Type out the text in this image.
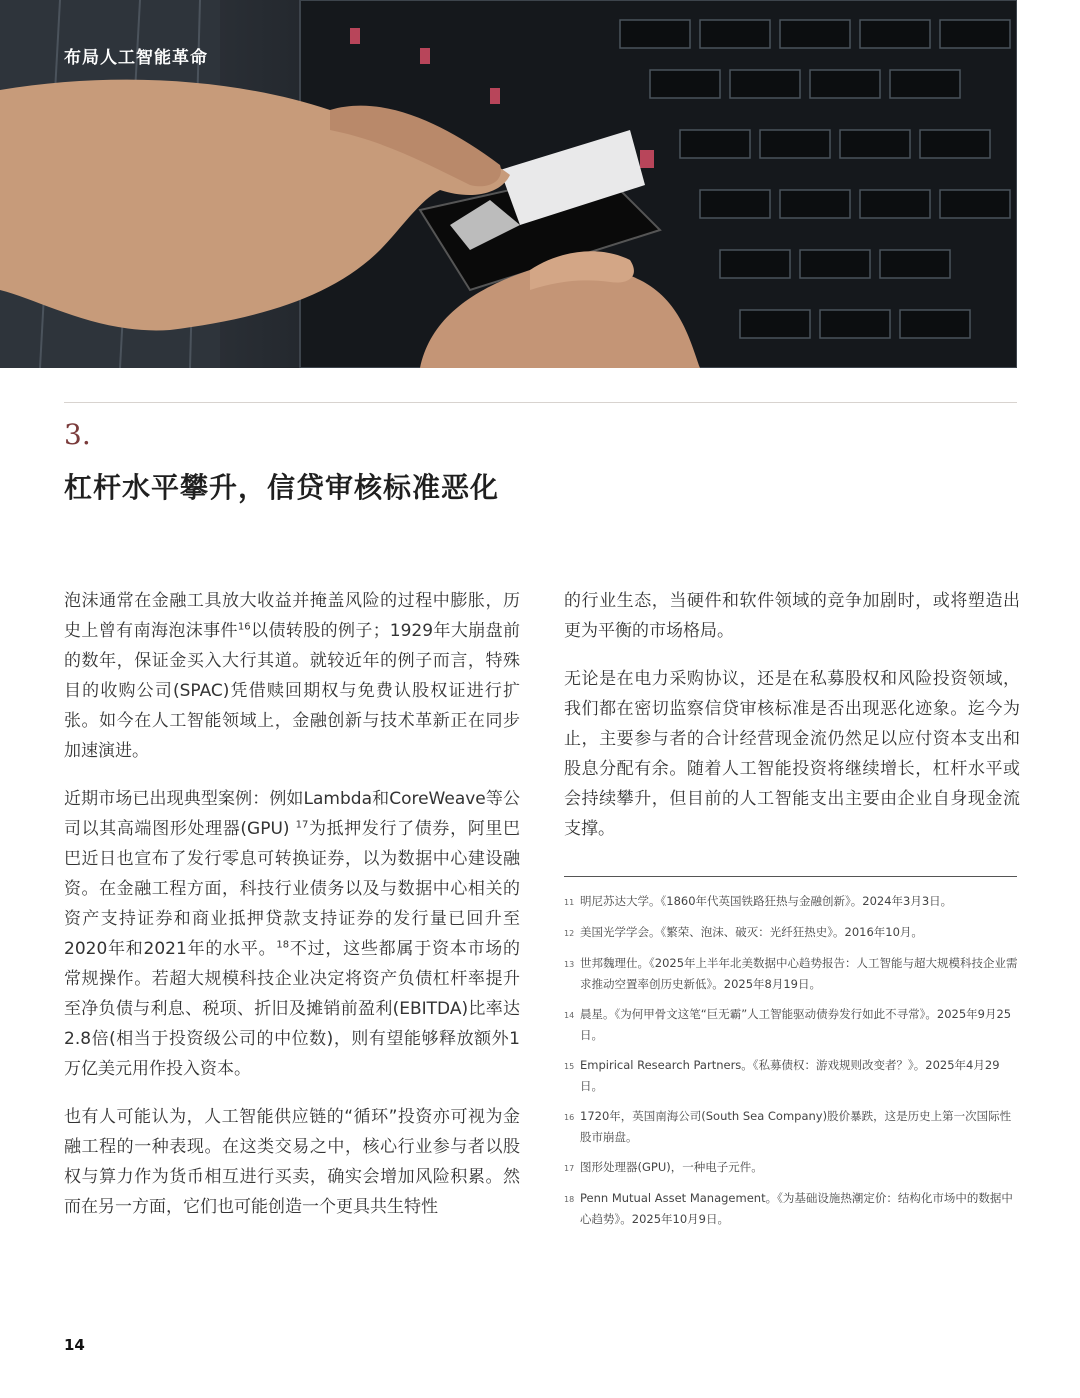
布局人工智能革命
3.
杠杆水平攀升，信贷审核标准恶化

泡沫通常在金融工具放大收益并掩盖风险的过程中膨胀，历史上曾有南海泡沫事件$^{16}$以债转股的例子；1929年大崩盘前的数年，保证金买入大行其道。就较近年的例子而言，特殊目的收购公司(SPAC)凭借赎回期权与免费认股权证进行扩张。如今在人工智能领域上，金融创新与技术革新正在同步加速演进。

近期市场已出现典型案例：例如Lambda和CoreWeave等公司以其高端图形处理器(GPU) $^{17}$为抵押发行了债券，阿里巴巴近日也宣布了发行零息可转换证券，以为数据中心建设融资。在金融工程方面，科技行业债务以及与数据中心相关的资产支持证券和商业抵押贷款支持证券的发行量已回升至2020年和2021年的水平。$^{18}$不过，这些都属于资本市场的常规操作。若超大规模科技企业决定将资产负债杠杆率提升至净负债与利息、税项、折旧及摊销前盈利(EBITDA)比率达2.8倍(相当于投资级公司的中位数)，则有望能够释放额外1万亿美元用作投入资本。

也有人可能认为，人工智能供应链的“循环”投资亦可视为金融工程的一种表现。在这类交易之中，核心行业参与者以股权与算力作为货币相互进行买卖，确实会增加风险积累。然而在另一方面，它们也可能创造一个更具共生特性

的行业生态，当硬件和软件领域的竞争加剧时，或将塑造出更为平衡的市场格局。

无论是在电力采购协议，还是在私募股权和风险投资领域，我们都在密切监察信贷审核标准是否出现恶化迹象。迄今为止，主要参与者的合计经营现金流仍然足以应付资本支出和股息分配有余。随着人工智能投资将继续增长，杠杆水平或会持续攀升，但目前的人工智能支出主要由企业自身现金流支撑。

11 明尼苏达大学。《1860年代英国铁路狂热与金融创新》。2024年3月3日。
12 美国光学学会。《繁荣、泡沫、破灭：光纤狂热史》。2016年10月。
13 世邦魏理仕。《2025年上半年北美数据中心趋势报告：人工智能与超大规模科技企业需求推动空置率创历史新低》。2025年8月19日。
14 晨星。《为何甲骨文这笔“巨无霸”人工智能驱动债券发行如此不寻常》。2025年9月25日。
15 Empirical Research Partners。《私募债权：游戏规则改变者？》。2025年4月29日。
16 1720年，英国南海公司(South Sea Company)股价暴跌，这是历史上第一次国际性股市崩盘。
17 图形处理器(GPU)，一种电子元件。
18 Penn Mutual Asset Management。《为基础设施热潮定价：结构化市场中的数据中心趋势》。2025年10月9日。
14
